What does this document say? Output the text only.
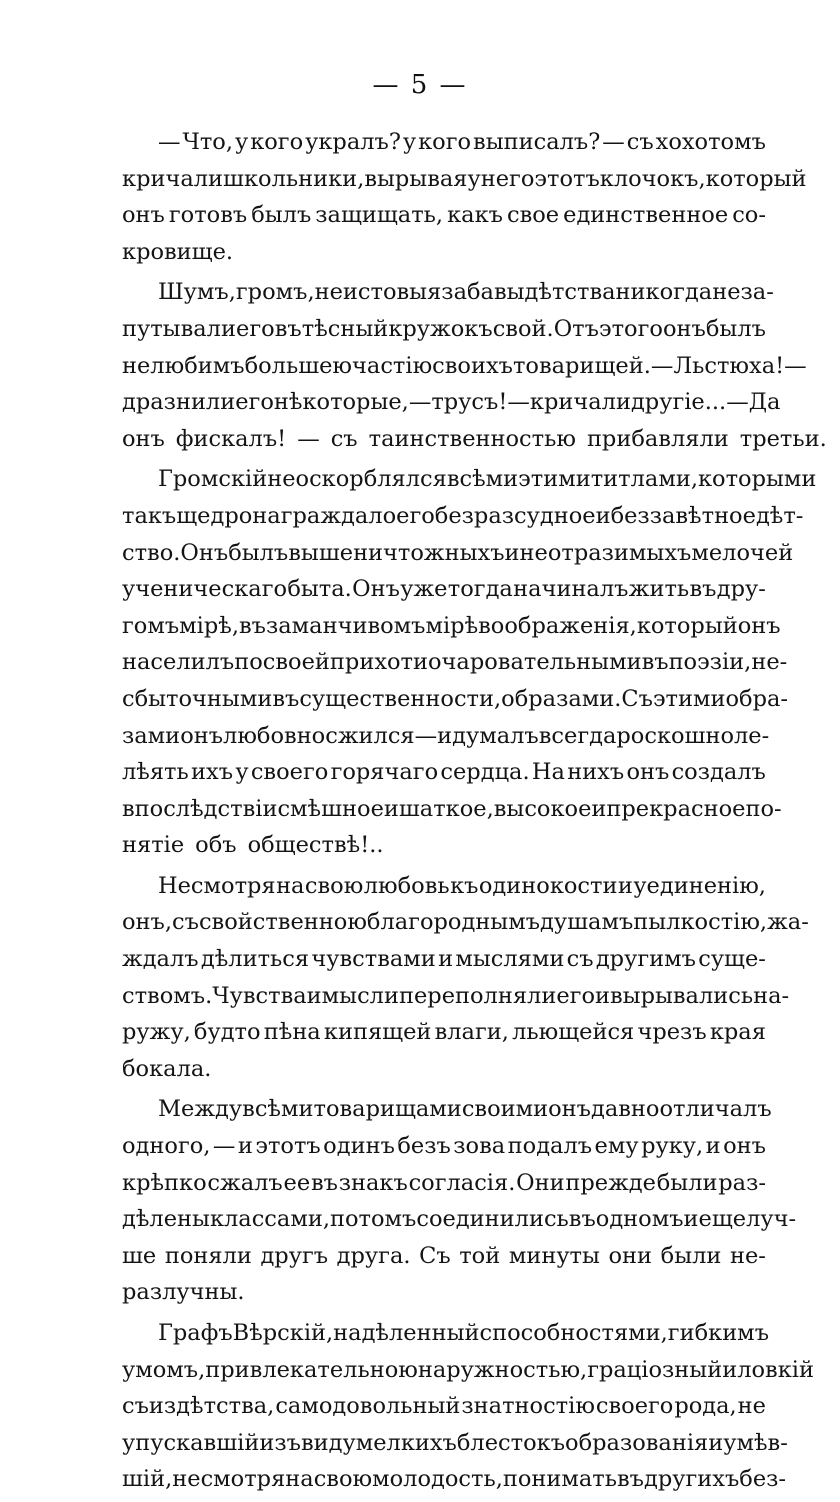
— 5 —
— Что, у кого укралъ? у кого выписалъ? — съ хохотомъ
кричали школьники, вырывая у него этотъ клочокъ, который
онъ готовъ былъ защищать, какъ свое единственное со-
кровище.
Шумъ, громъ, неистовыя забавы дѣтства никогда не за-
путывали его въ тѣсный кружокъ свой. Отъ этого онъ былъ
нелюбимъ большею частію своихъ товарищей. — Льстюха! —
дразнили его нѣкоторые, — трусъ! — кричали другіе... — Да
онъ фискалъ! — съ таинственностью прибавляли третьи.
Громскій не оскорблялся всѣми этими титлами, которыми
такъ щедро награждало его безразсудное и беззавѣтное дѣт-
ство. Онъ былъ выше ничтожныхъ и неотразимыхъ мелочей
ученическаго быта. Онъ уже тогда начиналъ жить въ дру-
гомъ мірѣ, въ заманчивомъ мірѣ воображенія, который онъ
населилъ по своей прихоти очаровательными въ поэзіи, не-
сбыточными въ существенности, образами. Съ этими обра-
зами онъ любовно сжился — и думалъ всегда роскошно ле-
лѣять ихъ у своего горячаго сердца. На нихъ онъ создалъ
впослѣдствіи смѣшное и шаткое, высокое и прекрасное по-
нятіе объ обществѣ!..
Несмотря на свою любовь къ одинокости и уединенію,
онъ, съ свойственною благороднымъ душамъ пылкостію, жа-
ждалъ дѣлиться чувствами и мыслями съ другимъ суще-
ствомъ. Чувства и мысли переполняли его и вырывались на-
ружу, будто пѣна кипящей влаги, льющейся чрезъ края
бокала.
Между всѣми товарищами своими онъ давно отличалъ
одного, — и этотъ одинъ безъ зова подалъ ему руку, и онъ
крѣпко сжалъ ее въ знакъ согласія. Они прежде были раз-
дѣлены классами, потомъ соединились въ одномъ и еще луч-
ше поняли другъ друга. Съ той минуты они были не-
разлучны.
Графъ Вѣрскій, надѣленный способностями, гибкимъ
умомъ, привлекательною наружностью, граціозный и ловкій
съиздѣтства, самодовольный знатностію своего рода, не
упускавшій изъ виду мелкихъ блестокъ образованія и умѣв-
шій, несмотря на свою молодость, понимать въ другихъ без-
